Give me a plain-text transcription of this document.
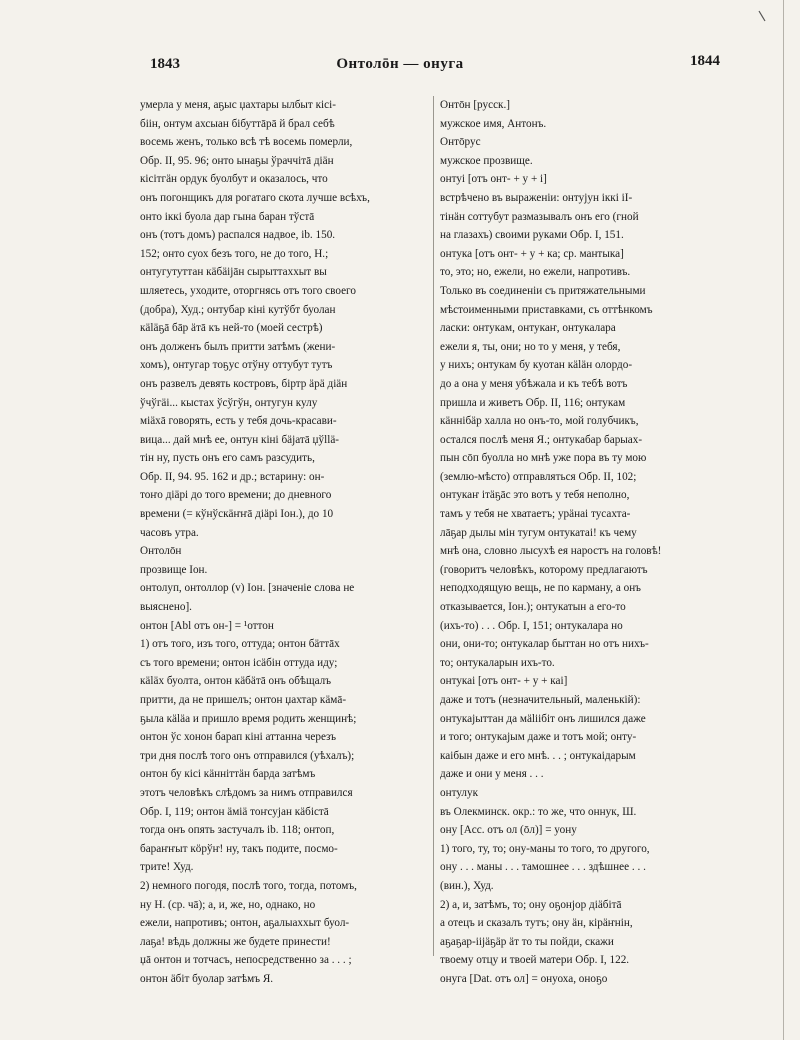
1843	Онтолōн — онуга	1844
умерла у меня, аҕыс џахтары ылбыт кісі-
біін, онтум ахсыан бібуттāрā й брал себѣ
восемь женъ, только всѣ тѣ восемь померли,
Обр. II, 95. 96; онто ынаҕы ўраччітā діäн
кісітгäн ордук буолбут и оказалось, что
онъ погонщикъ для рогатаго скота лучше всѣхъ,
онто іккі буола дар гына баран тўстā
онъ (тотъ домъ) распался надвое, ib. 150.
152; онто суох безъ того, не до того, Н.;
онтугутуттан кäбäіјāн сырыттаххыт вы
шляетесь, уходите, оторгнясь отъ того своего
(добра), Худ.; онтубар кіні кутўбт буолан
кäläҕā бāр äтā къ ней-то (моей сестрѣ)
онъ долженъ былъ притти затѣмъ (жени-
хомъ), онтугар тоҕус отўну оттубут тутъ
онъ развелъ девять костровъ, біртр äрä діäн
ўчўгäі... кыстах ўсўгўн, онтугун кулу
міäхā говорять, есть у тебя дочь-красави-
вица... дай мнѣ ее, онтун кіні бäјатā џўllä-
тін ну, пусть онъ его самъ разсудить,
Обр. II, 94. 95. 162 и др.; встарину: он-
тоҥо діäрі до того времени; до дневного
времени (= кўнўскäҥҥā діäрі Іон.), до 10
часовъ утра.
Онтолōн
прозвище Іон.
онтолуп, онтоллор (v) Іон. [значеніе слова не
выяснено].
онтон [Abl отъ он-] = ¹оттон
1) отъ того, изъ того, оттуда; онтон бäттāх
съ того времени; онтон ісäбін оттуда иду;
кäläх буолта, онтон кäбäтā онъ обѣщалъ
притти, да не пришелъ; онтон џахтар кäмā-
ҕыла кäläа и пришло время родить женщинѣ;
онтон ўс хонон барап кіні аттанна черезъ
три дня послѣ того онъ отправился (уѣхалъ);
онтон бу кісі кäнніттäн барда затѣмъ
этотъ человѣкъ слѣдомъ за нимъ отправился
Обр. I, 119; онтон äміä тоҥсујан кäбістā
тогда онъ опять застучалъ ib. 118; онтоп,
бараҥҥыт кöрўҥ! ну, такъ подите, посмо-
трите! Худ.
2) немного погодя, послѣ того, тогда, потомъ,
ну Н. (ср. чā); а, и, же, но, однако, но
ежели, напротивъ; онтон, аҕалыаххыт буол-
лаҕа! вѣдь должны же будете принести!
џā онтон и тотчасъ, непосредственно за . . . ;
онтон äбіт буолар затѣмъ Я.
Онтōн [русск.]
мужское имя, Антонъ.
Онтōрус
мужское прозвище.
онтуі [отъ онт- + у + і]
встрѣчено въ выраженіи: онтујун іккі іІ-
тінäн соттубут размазывалъ онъ его (гной
на глазахъ) своими руками Обр. I, 151.
онтука [отъ онт- + у + ка; ср. мантыка]
то, это; но, ежели, но ежели, напротивъ.
Только въ соединеніи съ притяжательными
мѣстоименными приставками, съ оттѣнкомъ
ласки: онтукам, онтукаҥ, онтукалара
ежели я, ты, они; но то у меня, у тебя,
у нихъ; онтукам бу куотан кäläн олордо-
до а она у меня убѣжала и къ тебѣ вотъ
пришла и живетъ Обр. II, 116; онтукам
кäннібäр халла но онъ-то, мой голубчикъ,
остался послѣ меня Я.; онтукабар барыах-
пын сōп буолла но мнѣ уже пора въ ту мою
(землю-мѣсто) отправляться Обр. II, 102;
онтукаҥ ітäҕāс это вотъ у тебя неполно,
тамъ у тебя не хватаетъ; урäнаі тусахта-
лāҕар дылы мін тугум онтукатаі! къ чему
мнѣ она, словно лысухѣ ея наростъ на головѣ!
(говоритъ человѣкъ, которому предлагаютъ
неподходящую вещь, не по карману, а онъ
отказывается, Іон.); онтукатын а его-то
(ихъ-то) . . . Обр. I, 151; онтукалара но
они, они-то; онтукалар быттан но отъ нихъ-
то; онтукаларын ихъ-то.
онтукаі [отъ онт- + у + каі]
даже и тотъ (незначительный, маленькій):
онтукајыттан да мälіібіт онъ лишился даже
и того; онтукајым даже и тотъ мой; онту-
каібын даже и его мнѣ. . . ; онтукаідарым
даже и они у меня . . .
онтулук
въ Олекминск. окр.: то же, что оннук, Ш.
ону [Acc. отъ ол (ōл)] = уону
1) того, ту, то; ону-маны то того, то другого,
ону . . . маны . . . тамошнее . . . здѣшнее . . .
(вин.), Худ.
2) а, и, затѣмъ, то; ону оҕонјор діäбітā
а отецъ и сказалъ тутъ; ону äн, кірäҥнін,
аҕаҕар-ііјäҕäр äт то ты пойди, скажи
твоему отцу и твоей матери Обр. I, 122.
онуга [Dat. отъ ол] = онуоха, оноҕо
